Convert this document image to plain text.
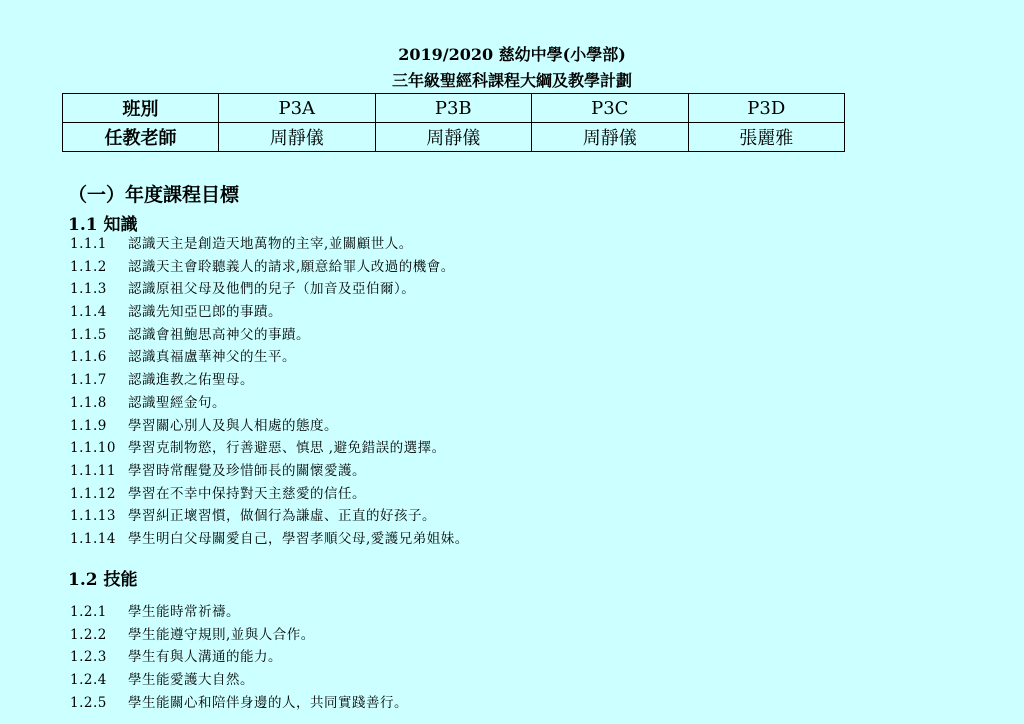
2019/2020 慈幼中學(小學部)
三年級聖經科課程大綱及教學計劃
班別	P3A	P3B	P3C	P3D
任教老師	周靜儀	周靜儀	周靜儀	張麗雅
（一）年度課程目標
1.1 知識
1.1.1 認識天主是創造天地萬物的主宰,並關顧世人。
1.1.2 認識天主會聆聽義人的請求,願意給罪人改過的機會。
1.1.3 認識原祖父母及他們的兒子（加音及亞伯爾）。
1.1.4 認識先知亞巴郎的事蹟。
1.1.5 認識會祖鮑思高神父的事蹟。
1.1.6 認識真福盧華神父的生平。
1.1.7 認識進教之佑聖母。
1.1.8 認識聖經金句。
1.1.9 學習關心別人及與人相處的態度。
1.1.10 學習克制物慾，行善避惡、慎思 ,避免錯誤的選擇。
1.1.11 學習時常醒覺及珍惜師長的關懷愛護。
1.1.12 學習在不幸中保持對天主慈愛的信任。
1.1.13 學習糾正壞習慣，做個行為謙虛、正直的好孩子。
1.1.14 學生明白父母關愛自己，學習孝順父母,愛護兄弟姐妹。
1.2 技能
1.2.1 學生能時常祈禱。
1.2.2 學生能遵守規則,並與人合作。
1.2.3 學生有與人溝通的能力。
1.2.4 學生能愛護大自然。
1.2.5 學生能關心和陪伴身邊的人，共同實踐善行。
